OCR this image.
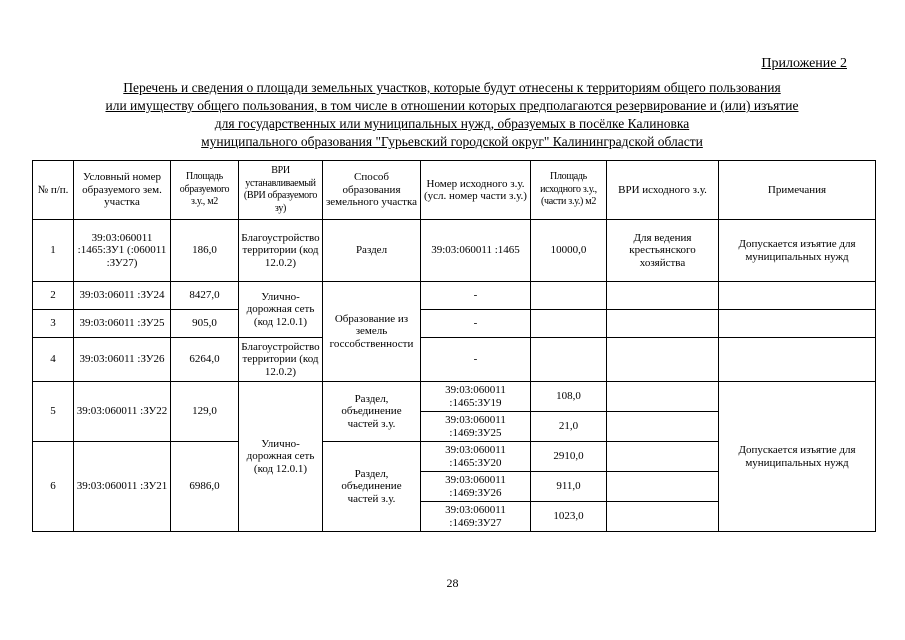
Приложение 2
Перечень и сведения о площади земельных участков, которые будут отнесены к территориям общего пользования
или имуществу общего пользования, в том числе в отношении которых предполагаются резервирование и (или) изъятие
для государственных или муниципальных нужд, образуемых в посёлке Калиновка
муниципального образования "Гурьевский городской округ" Калининградской области
№ п/п.	Условный номер образуемого зем. участка	Площадь образуемого з.у., м2	ВРИ устанавливаемый (ВРИ образуемого зу)	Способ образования земельного участка	Номер исходного з.у. (усл. номер части з.у.)	Площадь исходного з.у., (части з.у.) м2	ВРИ исходного з.у.	Примечания
1	39:03:060011 :1465:ЗУ1 (:060011 :ЗУ27)	186,0	Благоустройство территории (код 12.0.2)	Раздел	39:03:060011 :1465	10000,0	Для ведения крестьянского хозяйства	Допускается изъятие для муниципальных нужд
2	39:03:06011 :ЗУ24	8427,0	Улично-дорожная сеть (код 12.0.1)	Образование из земель госсобственности	-			
3	39:03:06011 :ЗУ25	905,0			-			
4	39:03:06011 :ЗУ26	6264,0	Благоустройство территории (код 12.0.2)		-			
5	39:03:060011 :ЗУ22	129,0	Улично-дорожная сеть (код 12.0.1)	Раздел, объединение частей з.у.	39:03:060011 :1465:ЗУ19	108,0		Допускается изъятие для муниципальных нужд
					39:03:060011 :1469:ЗУ25	21,0		
6	39:03:060011 :ЗУ21	6986,0		Раздел, объединение частей з.у.	39:03:060011 :1465:ЗУ20	2910,0		
					39:03:060011 :1469:ЗУ26	911,0		
					39:03:060011 :1469:ЗУ27	1023,0		
28
